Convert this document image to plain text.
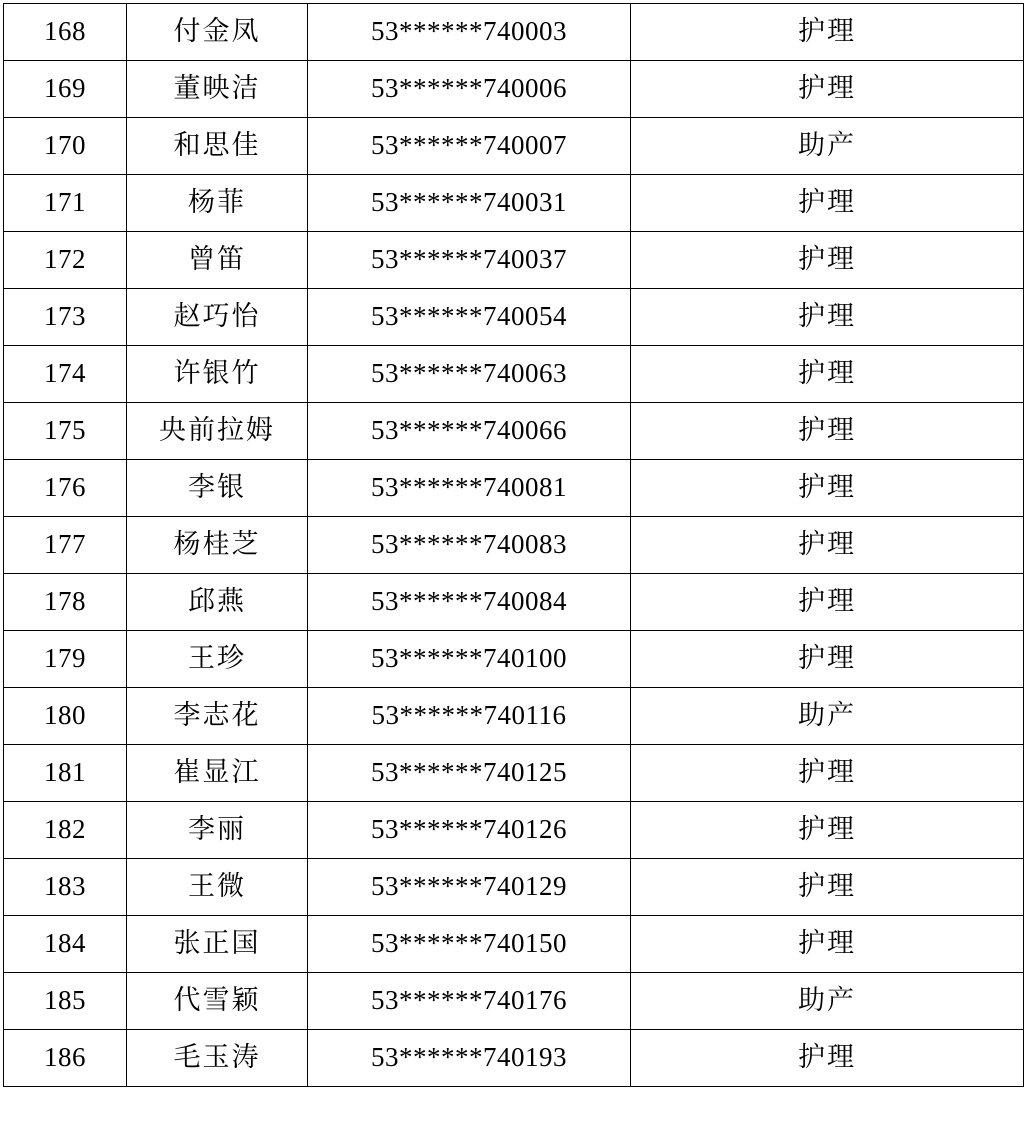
168	付金凤	53******740003	护理
169	董映洁	53******740006	护理
170	和思佳	53******740007	助产
171	杨菲	53******740031	护理
172	曾笛	53******740037	护理
173	赵巧怡	53******740054	护理
174	许银竹	53******740063	护理
175	央前拉姆	53******740066	护理
176	李银	53******740081	护理
177	杨桂芝	53******740083	护理
178	邱燕	53******740084	护理
179	王珍	53******740100	护理
180	李志花	53******740116	助产
181	崔显江	53******740125	护理
182	李丽	53******740126	护理
183	王微	53******740129	护理
184	张正国	53******740150	护理
185	代雪颖	53******740176	助产
186	毛玉涛	53******740193	护理
